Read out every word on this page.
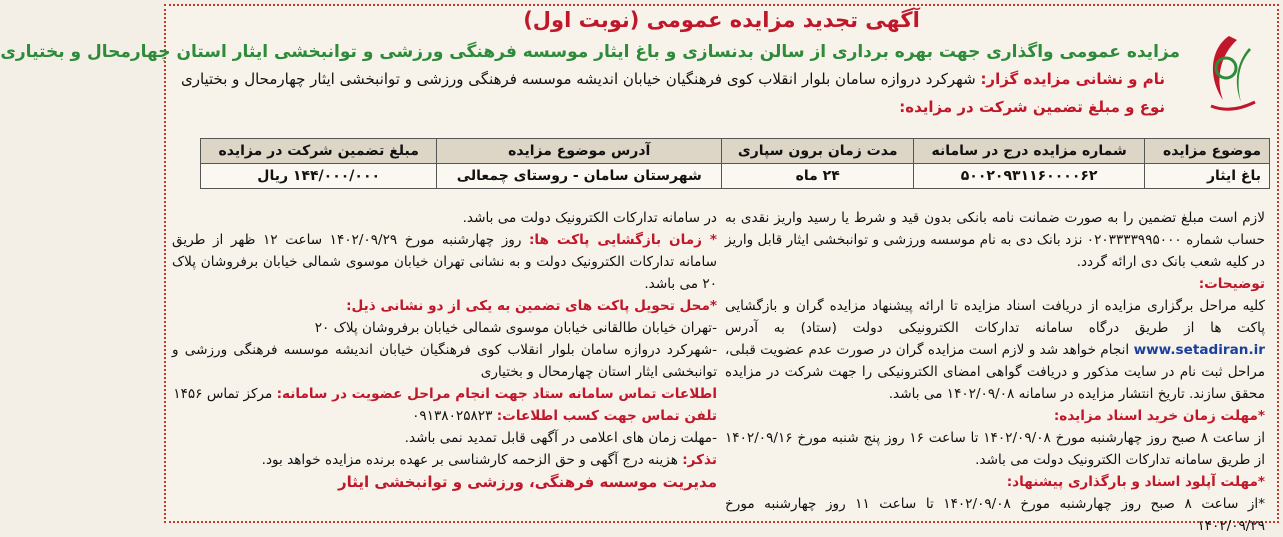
آگهی تجدید مزایده عمومی (نوبت اول)
مزایده عمومی واگذاری جهت بهره برداری از سالن بدنسازی و باغ ایثار موسسه فرهنگی ورزشی و توانبخشی ایثار استان چهارمحال و بختیاری
نام و نشانی مزایده گزار: شهرکرد دروازه سامان بلوار انقلاب کوی فرهنگیان خیابان اندیشه موسسه فرهنگی ورزشی و توانبخشی ایثار چهارمحال و بختیاری
نوع و مبلغ تضمین شرکت در مزایده:
موضوع مزایده	شماره مزایده درج در سامانه	مدت زمان برون سپاری	آدرس موضوع مزایده	مبلغ تضمین شرکت در مزایده
باغ ایثار	۵۰۰۲۰۹۳۱۱۶۰۰۰۰۶۲	۲۴ ماه	شهرستان سامان - روستای چمعالی	۱۴۴/۰۰۰/۰۰۰ ریال

لازم است مبلغ تضمین را به صورت ضمانت نامه بانکی بدون قید و شرط یا رسید واریز نقدی به حساب شماره ۰۲۰۳۳۳۳۹۹۵۰۰۰ نزد بانک دی به نام موسسه ورزشی و توانبخشی ایثار قابل واریز در کلیه شعب بانک دی ارائه گردد.

توضیحات:

کلیه مراحل برگزاری مزایده از دریافت اسناد مزایده تا ارائه پیشنهاد مزایده گران و بازگشایی پاکت ها از طریق درگاه سامانه تدارکات الکترونیکی دولت (ستاد) به آدرس www.setadiran.ir انجام خواهد شد و لازم است مزایده گران در صورت عدم عضویت قبلی، مراحل ثبت نام در سایت مذکور و دریافت گواهی امضای الکترونیکی را جهت شرکت در مزایده محقق سازند. تاریخ انتشار مزایده در سامانه ۱۴۰۲/۰۹/۰۸ می باشد.

*مهلت زمان خرید اسناد مزایده:

از ساعت ۸ صبح روز چهارشنبه مورخ ۱۴۰۲/۰۹/۰۸ تا ساعت ۱۶ روز پنج شنبه مورخ ۱۴۰۲/۰۹/۱۶ از طریق سامانه تدارکات الکترونیک دولت می باشد.

*مهلت آپلود اسناد و بارگذاری پیشنهاد:

*از ساعت ۸ صبح روز چهارشنبه مورخ ۱۴۰۲/۰۹/۰۸ تا ساعت ۱۱ روز چهارشنبه مورخ ۱۴۰۲/۰۹/۲۹

در سامانه تدارکات الکترونیک دولت می باشد.

* زمان بازگشایی پاکت ها: روز چهارشنبه مورخ ۱۴۰۲/۰۹/۲۹ ساعت ۱۲ ظهر از طریق سامانه تدارکات الکترونیک دولت و به نشانی تهران خیابان موسوی شمالی خیابان برفروشان پلاک ۲۰ می باشد.

*محل تحویل پاکت های تضمین به یکی از دو نشانی ذیل:

-تهران خیابان طالقانی خیابان موسوی شمالی خیابان برفروشان پلاک ۲۰

-شهرکرد دروازه سامان بلوار انقلاب کوی فرهنگیان خیابان اندیشه موسسه فرهنگی ورزشی و توانبخشی ایثار استان چهارمحال و بختیاری

اطلاعات تماس سامانه ستاد جهت انجام مراحل عضویت در سامانه: مرکز تماس ۱۴۵۶

تلفن تماس جهت کسب اطلاعات: ۰۹۱۳۸۰۲۵۸۲۳

-مهلت زمان های اعلامی در آگهی قابل تمدید نمی باشد.

تذکر: هزینه درج آگهی و حق الزحمه کارشناسی بر عهده برنده مزایده خواهد بود.

مدیریت موسسه فرهنگی، ورزشی و توانبخشی ایثار
